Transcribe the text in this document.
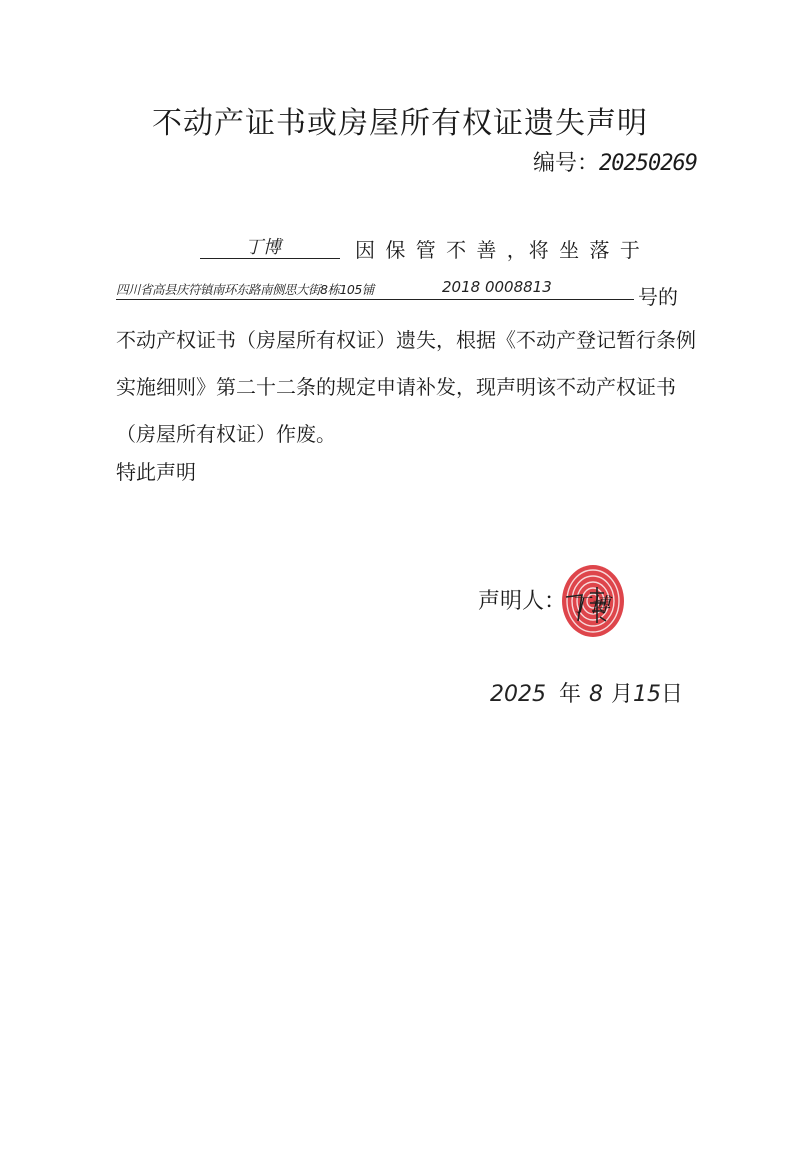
不动产证书或房屋所有权证遗失声明
编号：20250269
丁博	因 保 管 不 善 ，将 坐 落 于
四川省高县庆符镇南环东路南侧思大街8栋105铺	2018 0008813	号的
不动产权证书（房屋所有权证）遗失，根据《不动产登记暂行条例实施细则》第二十二条的规定申请补发，现声明该不动产权证书（房屋所有权证）作废。
特此声明
声明人： 丁博
2025 年 8 月15日
